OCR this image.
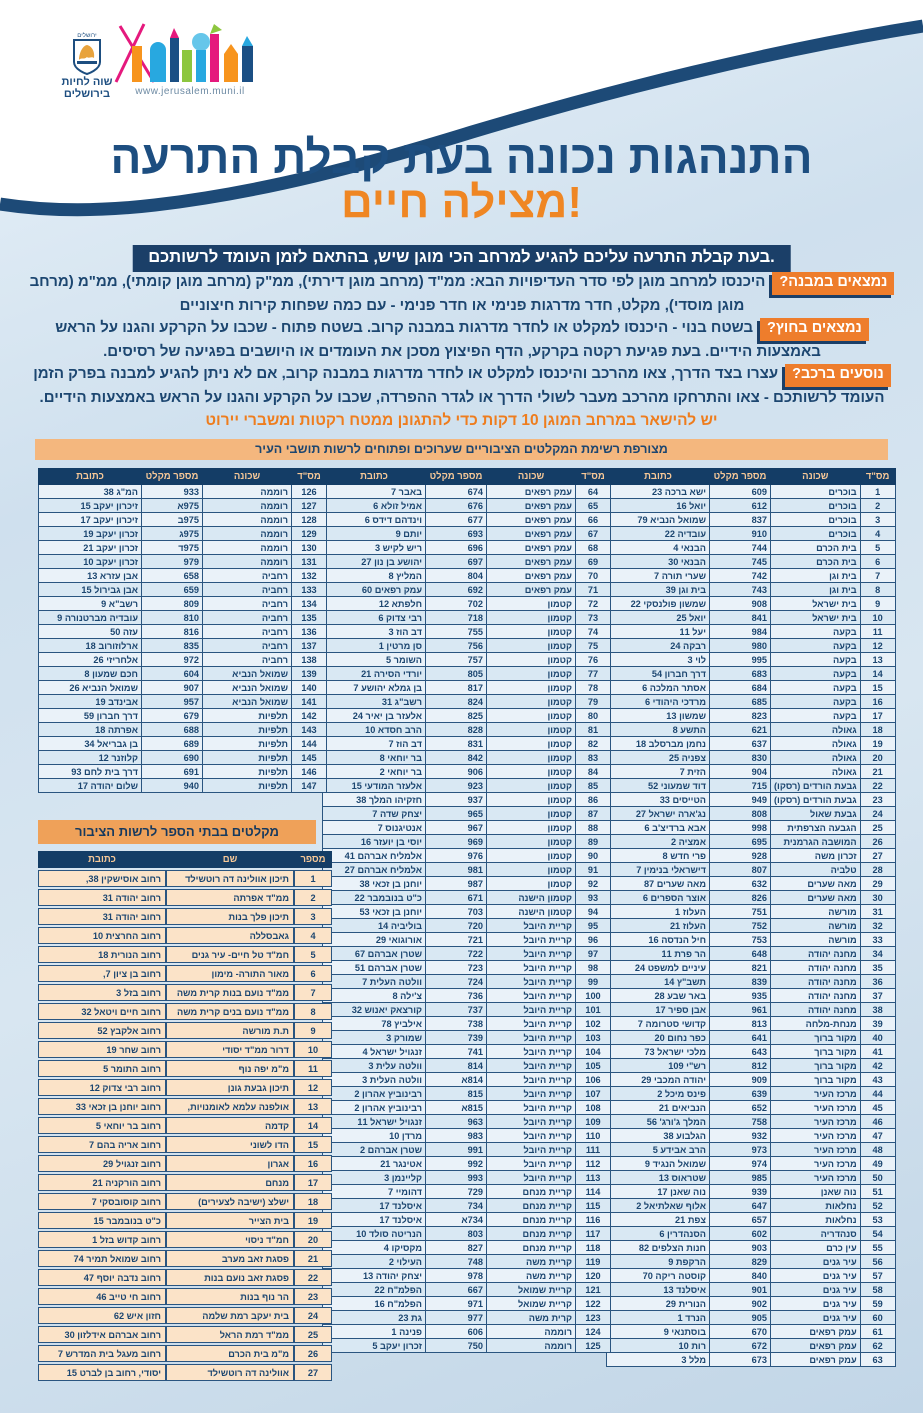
ירושלים
שוה לחיות בירושלים	www.jerusalem.muni.il
התנהגות נכונה בעת קבלת התרעה
מצילה חיים!
בעת קבלת התרעה עליכם להגיע למרחב הכי מוגן שיש, בהתאם לזמן העומד לרשותכם.
נמצאים במבנה?היכנסו למרחב מוגן לפי סדר העדיפויות הבא: ממ"ד (מרחב מוגן דירתי), ממ"ק (מרחב מוגן קומתי), ממ"מ (מרחב מוגן מוסדי), מקלט, חדר מדרגות פנימי או חדר פנימי - עם כמה שפחות קירות חיצוניים
נמצאים בחוץ?בשטח בנוי - היכנסו למקלט או לחדר מדרגות במבנה קרוב. בשטח פתוח - שכבו על הקרקע והגנו על הראש באמצעות הידיים. בעת פגיעת רקטה בקרקע, הדף הפיצוץ מסכן את העומדים או היושבים בפגיעה של רסיסים.
נוסעים ברכב?עצרו בצד הדרך, צאו מהרכב והיכנסו למקלט או לחדר מדרגות במבנה קרוב, אם לא ניתן להגיע למבנה בפרק הזמן העומד לרשותכם - צאו והתרחקו מהרכב מעבר לשולי הדרך או לגדר ההפרדה, שכבו על הקרקע והגנו על הראש באמצעות הידיים.
יש להישאר במרחב המוגן 10 דקות כדי להתגונן ממטח רקטות ומשברי יירוט
מצורפת רשימת המקלטים הציבוריים שערוכים ופתוחים לרשות תושבי העיר
מס"ד	שכונה	מספר מקלט	כתובת
1	בוכרים	609	ישא ברכה 23
2	בוכרים	612	יואל 16
3	בוכרים	837	שמואל הנביא 79
4	בוכרים	910	עובדיה 22
5	בית הכרם	744	הבנאי 4
6	בית הכרם	745	הבנאי 30
7	בית וגן	742	שערי תורה 7
8	בית וגן	743	בית וגן 39
9	בית ישראל	908	שמשון פולנסקי 22
10	בית ישראל	841	יואל 25
11	בקעה	984	יעל 11
12	בקעה	980	רבקה 24
13	בקעה	995	לוי 3
14	בקעה	683	דרך חברון 54
15	בקעה	684	אסתר המלכה 6
16	בקעה	685	מרדכי היהודי 6
17	בקעה	823	שמשון 13
18	גאולה	621	התשע 8
19	גאולה	637	נחמן מברסלב 18
20	גאולה	830	צפניה 25
21	גאולה	904	הזית 7
22	גבעת הורדים (רסקו)	715	דוד שמעוני 52
23	גבעת הורדים (רסקו)	949	הטייסים 33
24	גבעת שאול	808	נג'ארה ישראל 27
25	הגבעה הצרפתית	998	אבא ברדיצ'ב 6
26	המושבה הגרמנית	695	אמציה 2
27	זכרון משה	928	פרי חדש 8
28	טלביה	807	דישראלי בנימין 7
29	מאה שערים	632	מאה שערים 87
30	מאה שערים	826	אוצר הספרים 6
31	מורשה	751	העלוז 1
32	מורשה	752	העלוז 21
33	מורשה	753	חיל הנדסה 16
34	מחנה יהודה	648	הר פרת 11
35	מחנה יהודה	821	עיניים למשפט 24
36	מחנה יהודה	839	תשב"ץ 14
37	מחנה יהודה	935	באר שבע 28
38	מחנה יהודה	961	אבן ספיר 17
39	מנחת-מלחה	813	קדושי סטרומה 7
40	מקור ברוך	641	כפר נחום 20
41	מקור ברוך	643	מלכי ישראל 73
42	מקור ברוך	812	רש"י 109
43	מקור ברוך	909	יהודה המכבי 29
44	מרכז העיר	639	פינס מיכל 2
45	מרכז העיר	652	הנביאים 21
46	מרכז העיר	758	המלך ג'ורג' 56
47	מרכז העיר	932	הגלבוע 38
48	מרכז העיר	973	הרב אבידע 5
49	מרכז העיר	974	שמואל הנגיד 9
50	מרכז העיר	985	שטראוס 13
51	נוה שאנן	939	נוה שאנן 17
52	נחלאות	647	אלוף שאלתיאל 2
53	נחלאות	657	צפת 21
54	סנהדריה	602	הסנהדרין 6
55	עין כרם	903	חנות הצלפים 82
56	עיר גנים	829	הרקפת 9
57	עיר גנים	840	קוסטה ריקה 70
58	עיר גנים	901	איסלנד 13
59	עיר גנים	902	הנורית 29
60	עיר גנים	905	הנרד 1
61	עמק רפאים	670	בוסתנאי 9
62	עמק רפאים	672	רות 10
63	עמק רפאים	673	מלל 3
מס"ד	שכונה	מספר מקלט	כתובת
64	עמק רפאים	674	באבר 7
65	עמק רפאים	676	אמיל זולא 6
66	עמק רפאים	677	וינדהם דידס 6
67	עמק רפאים	693	יותם 9
68	עמק רפאים	696	ריש לקיש 3
69	עמק רפאים	697	יהושע בן נון 27
70	עמק רפאים	804	המליץ 8
71	עמק רפאים	692	עמק רפאים 60
72	קטמון	702	חלפתא 12
73	קטמון	718	רבי צדוק 6
74	קטמון	755	דב הוז 3
75	קטמון	756	סן מרטין 1
76	קטמון	757	השומר 5
77	קטמון	805	יורדי הסירה 21
78	קטמון	817	בן גמלא יהושע 7
79	קטמון	824	רשב"ג 31
80	קטמון	825	אלעזר בן יאיר 24
81	קטמון	828	הרב חסדא 10
82	קטמון	831	דב הוז 7
83	קטמון	842	בר יוחאי 8
84	קטמון	906	בר יוחאי 2
85	קטמון	923	אלעזר המודעי 15
86	קטמון	937	חזקיהו המלך 38
87	קטמון	965	יצחק שדה 7
88	קטמון	967	אנטיגנוס 7
89	קטמון	969	יוסי בן יועזר 16
90	קטמון	976	אלמליח אברהם 41
91	קטמון	981	אלמליח אברהם 27
92	קטמון	987	יוחנן בן זכאי 38
93	קטמון הישנה	671	כ"ט בנובמבר 22
94	קטמון הישנה	703	יוחנן בן זכאי 53
95	קריית היובל	720	בוליביה 14
96	קריית היובל	721	אורוגואי 29
97	קריית היובל	722	שטרן אברהם 67
98	קריית היובל	723	שטרן אברהם 51
99	קריית היובל	724	וולטה העלית 7
100	קריית היובל	736	צ'ילה 8
101	קריית היובל	737	קורצאק יאנוש 32
102	קריית היובל	738	אילביץ 78
103	קריית היובל	739	שמורק 3
104	קריית היובל	741	זנגויל ישראל 4
105	קריית היובל	814	וולטה עלית 3
106	קריית היובל	814א	וולטה העלית 3
107	קריית היובל	815	רבינוביץ אהרון 2
108	קריית היובל	815א	רבינוביץ אהרון 2
109	קריית היובל	963	זנגויל ישראל 11
110	קריית היובל	983	מרדן 10
111	קריית היובל	991	שטרן אברהם 2
112	קריית היובל	992	אטינגר 21
113	קריית היובל	993	קליינמן 3
114	קריית מנחם	729	דהומיי 7
115	קריית מנחם	734	איסלנד 17
116	קריית מנחם	734א	איסלנד 17
117	קריית מנחם	803	הנריטה סולד 10
118	קריית מנחם	827	מקסיקו 4
119	קריית משה	748	העילוי 2
120	קריית משה	978	יצחק יהודה 13
121	קריית שמואל	667	הפלמ"ח 22
122	קריית שמואל	971	הפלמ"ח 16
123	קרית משה	977	גת 23
124	רוממה	606	פנינה 1
125	רוממה	750	זכרון יעקב 5
מס"ד	שכונה	מספר מקלט	כתובת
126	רוממה	933	המ"ג 38
127	רוממה	975א	זיכרון יעקב 15
128	רוממה	975ב	זיכרון יעקב 17
129	רוממה	975ג	זכרון יעקב 19
130	רוממה	975ד	זכרון יעקב 21
131	רוממה	979	זכרון יעקב 10
132	רחביה	658	אבן עזרא 13
133	רחביה	659	אבן גבירול 15
134	רחביה	809	רשב"א 9
135	רחביה	810	עובדיה מברטנורה 9
136	רחביה	816	עזה 50
137	רחביה	835	ארלוזורוב 18
138	רחביה	972	אלחריזי 26
139	שמואל הנביא	604	חכם שמעון 8
140	שמואל הנביא	907	שמואל הנביא 26
141	שמואל הנביא	957	אבינדב 19
142	תלפיות	679	דרך חברון 59
143	תלפיות	688	אפרתה 18
144	תלפיות	689	בן גבריאל 34
145	תלפיות	690	קלוזנר 12
146	תלפיות	691	דרך בית לחם 93
147	תלפיות	940	שלום יהודה 17
מקלטים בבתי הספר לרשות הציבור
מספר	שם	כתובת
1	תיכון אוולינה דה רוטשילד	רחוב אוסישקין 38,
2	ממ"ד אפרתה	רחוב יהודה 31
3	תיכון פלך בנות	רחוב יהודה 31
4	גאבסללה	רחוב החרצית 10
5	חמ"ד טל חיים- עיר גנים	רחוב הנורית 18
6	מאור התורה- מימון	רחוב בן ציון 7,
7	ממ"ד נועם בנות קרית משה	רחוב בזל 3
8	ממ"ד נועם בנים קרית משה	רחוב חיים ויטאל 32
9	ת.ת מורשה	רחוב אלקבץ 52
10	דרור ממ"ד יסודי	רחוב שחר 19
11	מ"מ יפה נוף	רחוב התומר 5
12	תיכון גבעת גונן	רחוב רבי צדוק 12
13	אולפנה עלמא לאומנויות,	רחוב יוחנן בן זכאי 33
14	קדמה	רחוב בר יוחאי 5
15	הדו לשוני	רחוב אריה בהם 7
16	אגרון	רחוב זנגויל 29
17	מנחם	רחוב הורקניה 21
18	ישלצ (ישיבה לצעירים)	רחוב קוסובסקי 7
19	בית הצייר	כ"ט בנובמבר 15
20	חמ"ד ניסוי	רחוב קדוש בזל 1
21	פסגת זאב מערב	רחוב שמואל תמיר 74
22	פסגת זאב נועם בנות	רחוב נדבה יוסף 47
23	הר נוף בנות	רחוב חי טייב 46
24	בית יעקב רמת שלמה	חזון איש 62
25	ממ"ד רמת הראל	רחוב אברהם אידלזון 30
26	מ"מ בית הכרם	רחוב מעגל בית המדרש 7
27	אוולינה דה רוטשילד	יסודי, רחוב בן לברט 15
